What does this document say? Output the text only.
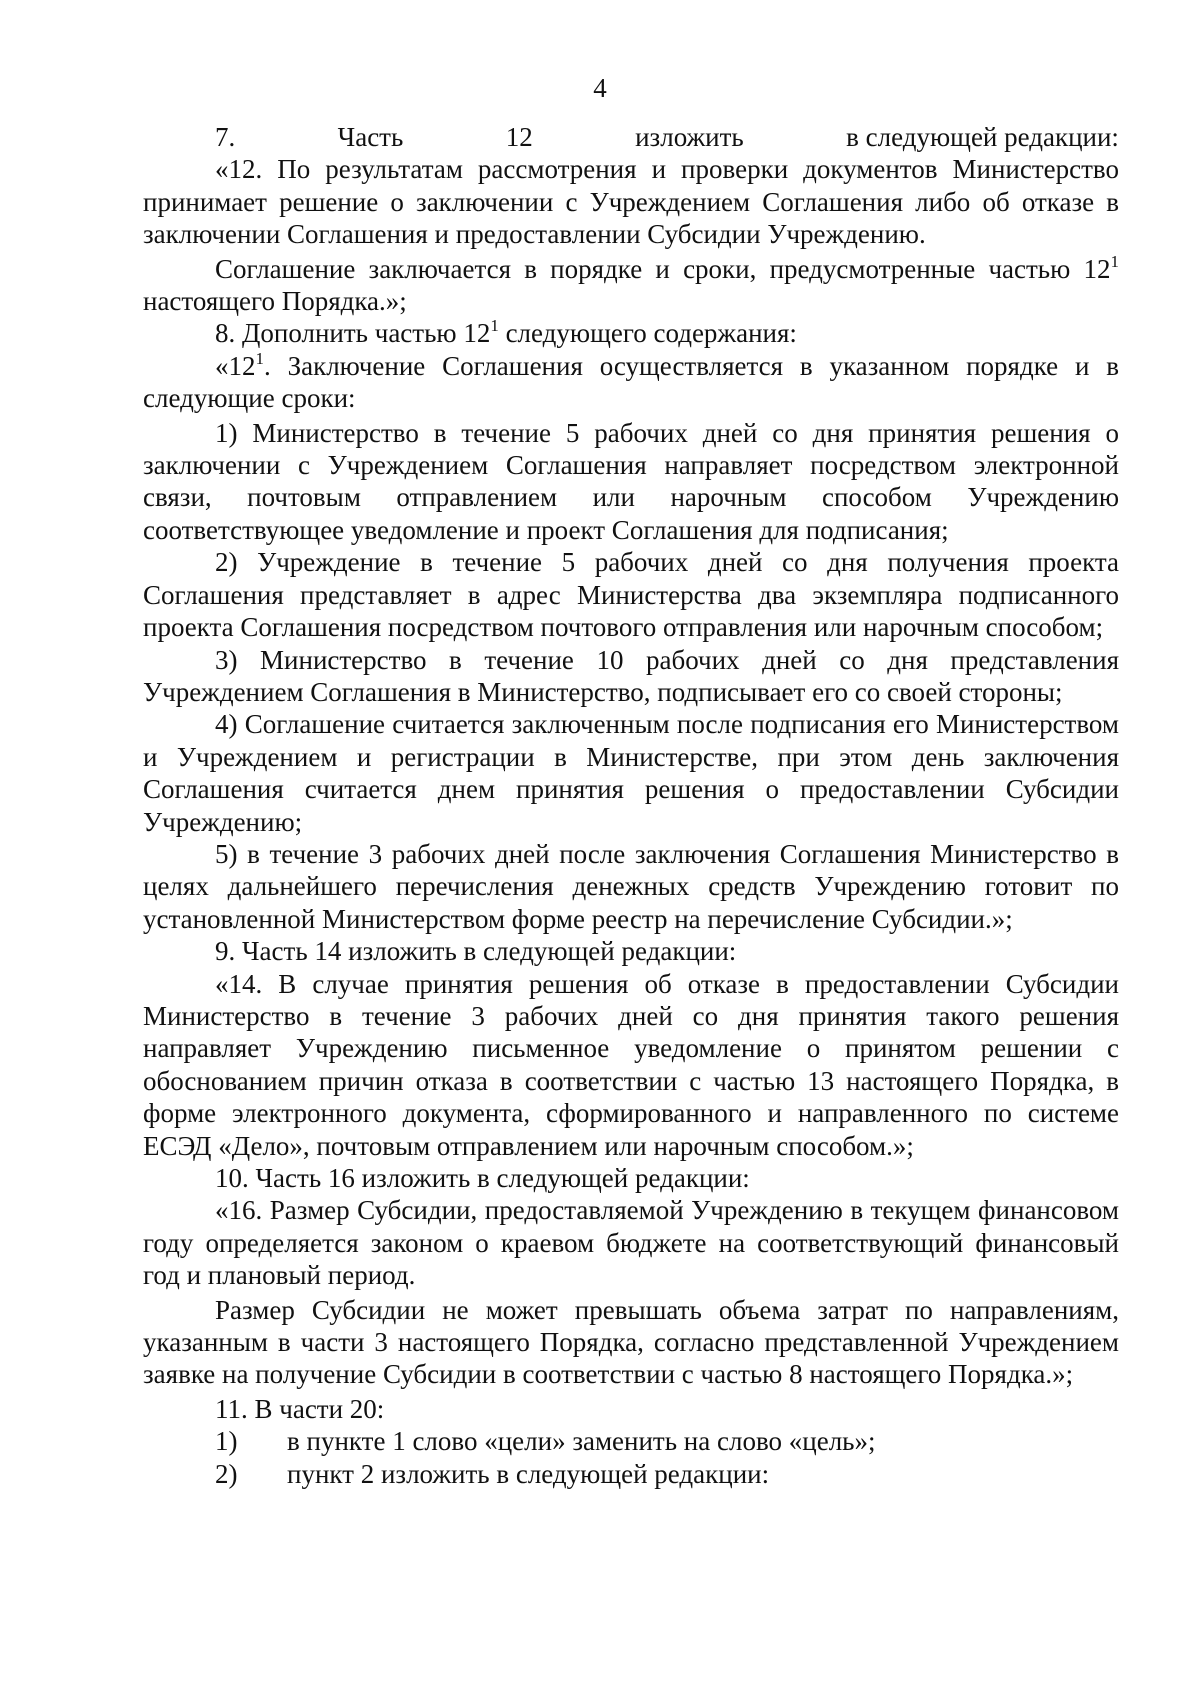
4
7.	Часть	12	изложить	в следующей редакции:

«12. По результатам рассмотрения и проверки документов Министерство принимает решение о заключении с Учреждением Соглашения либо об отказе в заключении Соглашения и предоставлении Субсидии Учреждению.

Соглашение заключается в порядке и сроки, предусмотренные частью $12^1$ настоящего Порядка.»;

8. Дополнить частью $12^1$ следующего содержания:

«$12^1$. Заключение Соглашения осуществляется в указанном порядке и в следующие сроки:

1) Министерство в течение 5 рабочих дней со дня принятия решения о заключении с Учреждением Соглашения направляет посредством электронной связи, почтовым отправлением или нарочным способом Учреждению соответствующее уведомление и проект Соглашения для подписания;

2) Учреждение в течение 5 рабочих дней со дня получения проекта Соглашения представляет в адрес Министерства два экземпляра подписанного проекта Соглашения посредством почтового отправления или нарочным способом;

3) Министерство в течение 10 рабочих дней со дня представления Учреждением Соглашения в Министерство, подписывает его со своей стороны;

4) Соглашение считается заключенным после подписания его Министерством и Учреждением и регистрации в Министерстве, при этом день заключения Соглашения считается днем принятия решения о предоставлении Субсидии Учреждению;

5) в течение 3 рабочих дней после заключения Соглашения Министерство в целях дальнейшего перечисления денежных средств Учреждению готовит по установленной Министерством форме реестр на перечисление Субсидии.»;

9. Часть 14 изложить в следующей редакции:

«14. В случае принятия решения об отказе в предоставлении Субсидии Министерство в течение 3 рабочих дней со дня принятия такого решения направляет Учреждению письменное уведомление о принятом решении с обоснованием причин отказа в соответствии с частью 13 настоящего Порядка, в форме электронного документа, сформированного и направленного по системе ЕСЭД «Дело», почтовым отправлением или нарочным способом.»;

10. Часть 16 изложить в следующей редакции:

«16. Размер Субсидии, предоставляемой Учреждению в текущем финансовом году определяется законом о краевом бюджете на соответствующий финансовый год и плановый период.

Размер Субсидии не может превышать объема затрат по направлениям, указанным в части 3 настоящего Порядка, согласно представленной Учреждением заявке на получение Субсидии в соответствии с частью 8 настоящего Порядка.»;

11. В части 20:

1)	в пункте 1 слово «цели» заменить на слово «цель»;
2)	пункт 2 изложить в следующей редакции:
